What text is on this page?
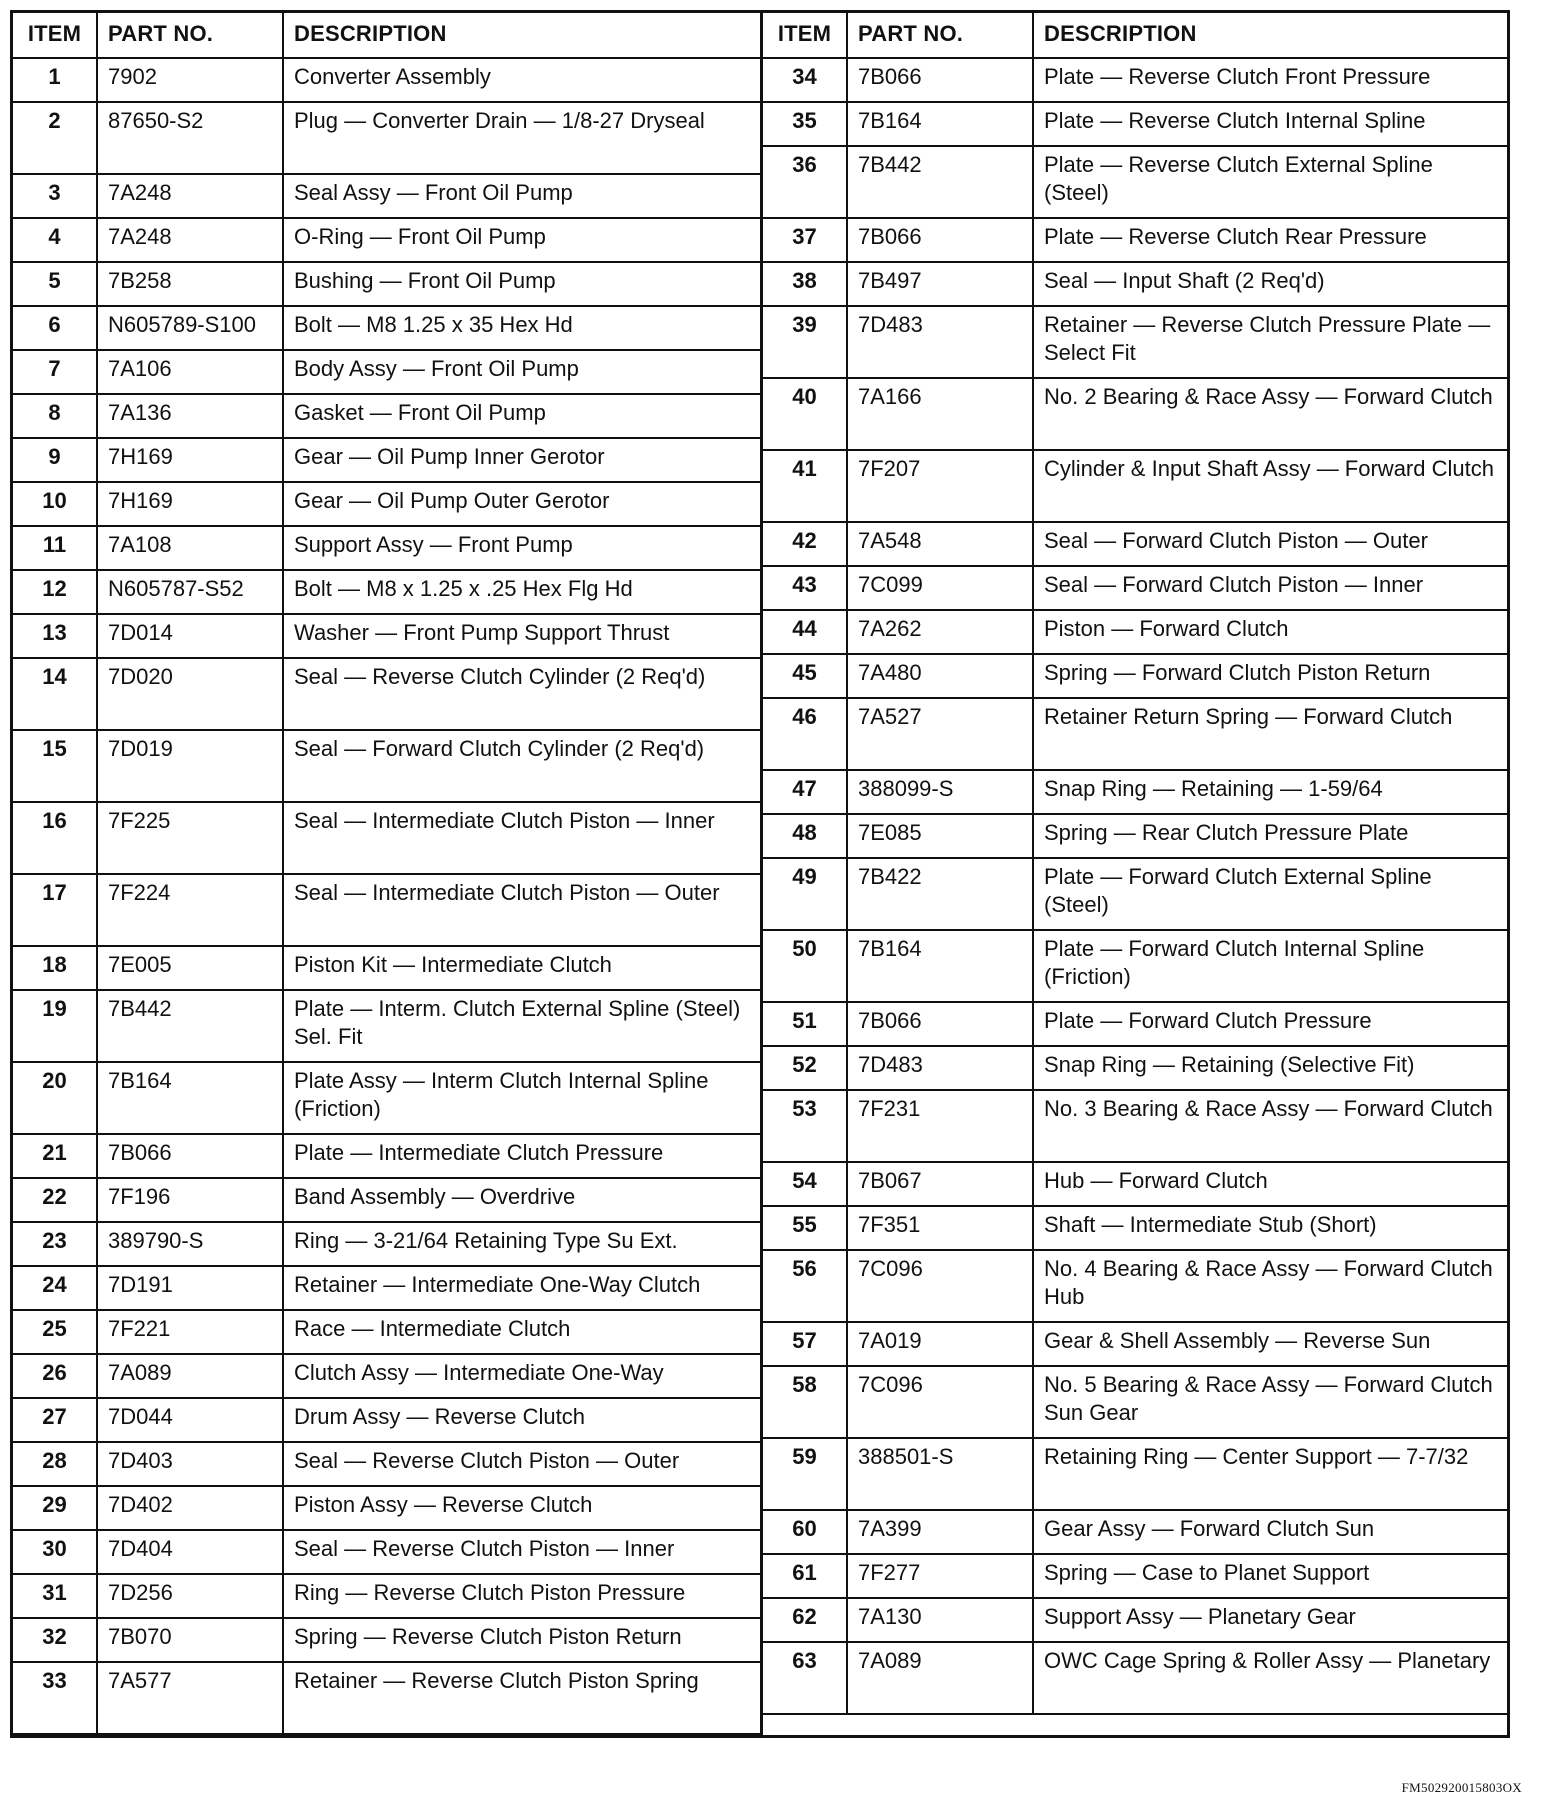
ITEM	PART NO.	DESCRIPTION
1	7902	Converter Assembly
2	87650-S2	Plug — Converter Drain — 1/8-27 Dryseal
3	7A248	Seal Assy — Front Oil Pump
4	7A248	O-Ring — Front Oil Pump
5	7B258	Bushing — Front Oil Pump
6	N605789-S100	Bolt — M8 1.25 x 35 Hex Hd
7	7A106	Body Assy — Front Oil Pump
8	7A136	Gasket — Front Oil Pump
9	7H169	Gear — Oil Pump Inner Gerotor
10	7H169	Gear — Oil Pump Outer Gerotor
11	7A108	Support Assy — Front Pump
12	N605787-S52	Bolt — M8 x 1.25 x .25 Hex Flg Hd
13	7D014	Washer — Front Pump Support Thrust
14	7D020	Seal — Reverse Clutch Cylinder (2 Req'd)
15	7D019	Seal — Forward Clutch Cylinder (2 Req'd)
16	7F225	Seal — Intermediate Clutch Piston — Inner
17	7F224	Seal — Intermediate Clutch Piston — Outer
18	7E005	Piston Kit — Intermediate Clutch
19	7B442	Plate — Interm. Clutch External Spline (Steel) Sel. Fit
20	7B164	Plate Assy — Interm Clutch Internal Spline (Friction)
21	7B066	Plate — Intermediate Clutch Pressure
22	7F196	Band Assembly — Overdrive
23	389790-S	Ring — 3-21/64 Retaining Type Su Ext.
24	7D191	Retainer — Intermediate One-Way Clutch
25	7F221	Race — Intermediate Clutch
26	7A089	Clutch Assy — Intermediate One-Way
27	7D044	Drum Assy — Reverse Clutch
28	7D403	Seal — Reverse Clutch Piston — Outer
29	7D402	Piston Assy — Reverse Clutch
30	7D404	Seal — Reverse Clutch Piston — Inner
31	7D256	Ring — Reverse Clutch Piston Pressure
32	7B070	Spring — Reverse Clutch Piston Return
33	7A577	Retainer — Reverse Clutch Piston Spring
ITEM	PART NO.	DESCRIPTION
34	7B066	Plate — Reverse Clutch Front Pressure
35	7B164	Plate — Reverse Clutch Internal Spline
36	7B442	Plate — Reverse Clutch External Spline (Steel)
37	7B066	Plate — Reverse Clutch Rear Pressure
38	7B497	Seal — Input Shaft (2 Req'd)
39	7D483	Retainer — Reverse Clutch Pressure Plate — Select Fit
40	7A166	No. 2 Bearing & Race Assy — Forward Clutch
41	7F207	Cylinder & Input Shaft Assy — Forward Clutch
42	7A548	Seal — Forward Clutch Piston — Outer
43	7C099	Seal — Forward Clutch Piston — Inner
44	7A262	Piston — Forward Clutch
45	7A480	Spring — Forward Clutch Piston Return
46	7A527	Retainer Return Spring — Forward Clutch
47	388099-S	Snap Ring — Retaining — 1-59/64
48	7E085	Spring — Rear Clutch Pressure Plate
49	7B422	Plate — Forward Clutch External Spline (Steel)
50	7B164	Plate — Forward Clutch Internal Spline (Friction)
51	7B066	Plate — Forward Clutch Pressure
52	7D483	Snap Ring — Retaining (Selective Fit)
53	7F231	No. 3 Bearing & Race Assy — Forward Clutch
54	7B067	Hub — Forward Clutch
55	7F351	Shaft — Intermediate Stub (Short)
56	7C096	No. 4 Bearing & Race Assy — Forward Clutch Hub
57	7A019	Gear & Shell Assembly — Reverse Sun
58	7C096	No. 5 Bearing & Race Assy — Forward Clutch Sun Gear
59	388501-S	Retaining Ring — Center Support — 7-7/32
60	7A399	Gear Assy — Forward Clutch Sun
61	7F277	Spring — Case to Planet Support
62	7A130	Support Assy — Planetary Gear
63	7A089	OWC Cage Spring & Roller Assy — Planetary
FM502920015803OX
